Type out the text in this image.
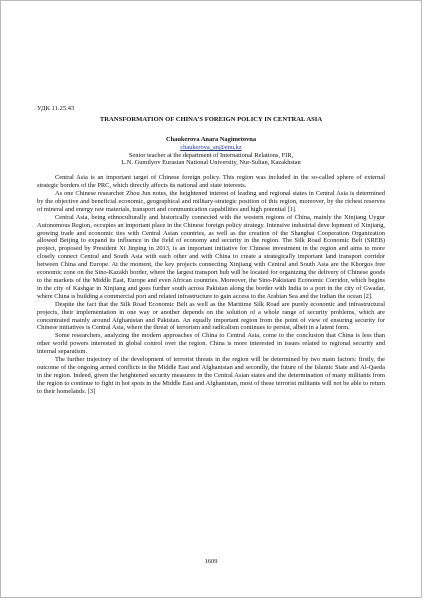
УДК 11.25.43
TRANSFORMATION OF CHINA’S FOREIGN POLICY IN CENTRAL ASIA
Chaukerova Anara Nagimetovna
chaukerova_an@enu.kz
Senior teacher at the department of International Relations, FIR,
L.N. Gumilyov Eurasian National University, Nur-Sultan, Kazakhstan

Central Asia is an important target of Chinese foreign policy. This region was included in the so-called sphere of external strategic borders of the PRC, which directly affects its national and state interests.

As one Chinese researcher Zhou Jun notes, the heightened interest of leading and regional states in Central Asia is determined by the objective and beneficial economic, geographical and military-strategic position of this region, moreover, by the richest reserves of mineral and energy raw materials, transport and communication capabilities and high potential [1].

Central Asia, being ethnoculturally and historically connected with the western regions of China, mainly the Xinjiang Uygur Autonomous Region, occupies an important place in the Chinese foreign policy strategy. Intensive industrial deve lopment of Xinjiang, growing trade and economic ties with Central Asian countries, as well as the creation of the Shanghai Cooperation Organization allowed Beijing to expand its influence in the field of economy and security in the region. The Silk Road Economic Belt (SREB) project, proposed by President Xi Jinping in 2013, is an important initiative for Chinese investment in the region and aims to more closely connect Central and South Asia with each other and with China to create a strategically important land transport corridor between China and Europe. At the moment, the key projects connecting Xinjiang with Central and South Asia are the Khorgos free economic zone on the Sino-Kazakh border, where the largest transport hub will be located for organizing the delivery of Chinese goods to the markets of the Middle East, Europe and even African countries. Moreover, the Sino-Pakistani Economic Corridor, which begins in the city of Kashgar in Xinjiang and goes further south across Pakistan along the border with India to a port in the city of Gwadar, where China is building a commercial port and related infrastructure to gain access to the Arabian Sea and the Indian the ocean [2].

Despite the fact that the Silk Road Economic Belt as well as the Maritime Silk Road are purely economic and infrastructural projects, their implementation in one way or another depends on the solution of a whole range of security problems, which are concentrated mainly around Afghanistan and Pakistan. An equally important region from the point of view of ensuring security for Chinese initiatives is Central Asia, where the threat of terrorism and radicalism continues to persist, albeit in a latent form.

Some researchers, analyzing the modern approaches of China to Central Asia, come to the conclusion that China is less than other world powers interested in global control over the region. China is more interested in issues related to regional security and internal separatism.

The further trajectory of the development of terrorist threats in the region will be determined by two main factors: firstly, the outcome of the ongoing armed conflicts in the Middle East and Afghanistan and secondly, the future of the Islamic State and Al-Qaeda in the region. Indeed, given the heightened security measures in the Central Asian states and the determination of many militants from the region to continue to fight in hot spots in the Middle East and Afghanistan, most of these terrorist militants will not be able to return to their homelands. [3]

1609
